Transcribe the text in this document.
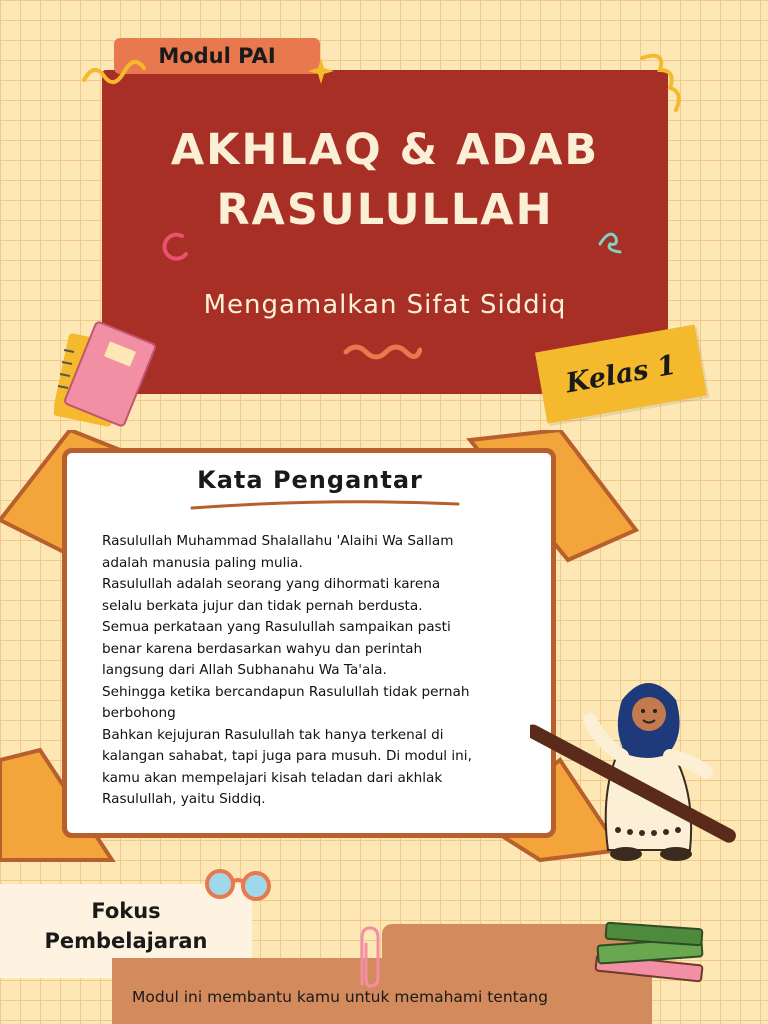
Modul PAI
AKHLAQ & ADAB
RASULULLAH
Mengamalkan Sifat Siddiq
Kelas 1
Kata Pengantar

Rasulullah Muhammad Shalallahu 'Alaihi Wa Sallam

adalah manusia paling mulia.

Rasulullah adalah seorang yang dihormati karena

selalu berkata jujur dan tidak pernah berdusta.

Semua perkataan yang Rasulullah sampaikan pasti

benar karena berdasarkan wahyu dan perintah

langsung dari Allah Subhanahu Wa Ta'ala.

Sehingga ketika bercandapun Rasulullah tidak pernah

berbohong

Bahkan kejujuran Rasulullah tak hanya terkenal di

kalangan sahabat, tapi juga para musuh. Di modul ini,

kamu akan mempelajari kisah teladan dari akhlak

Rasulullah, yaitu Siddiq.

Fokus
Pembelajaran
Modul ini membantu kamu untuk memahami tentang
